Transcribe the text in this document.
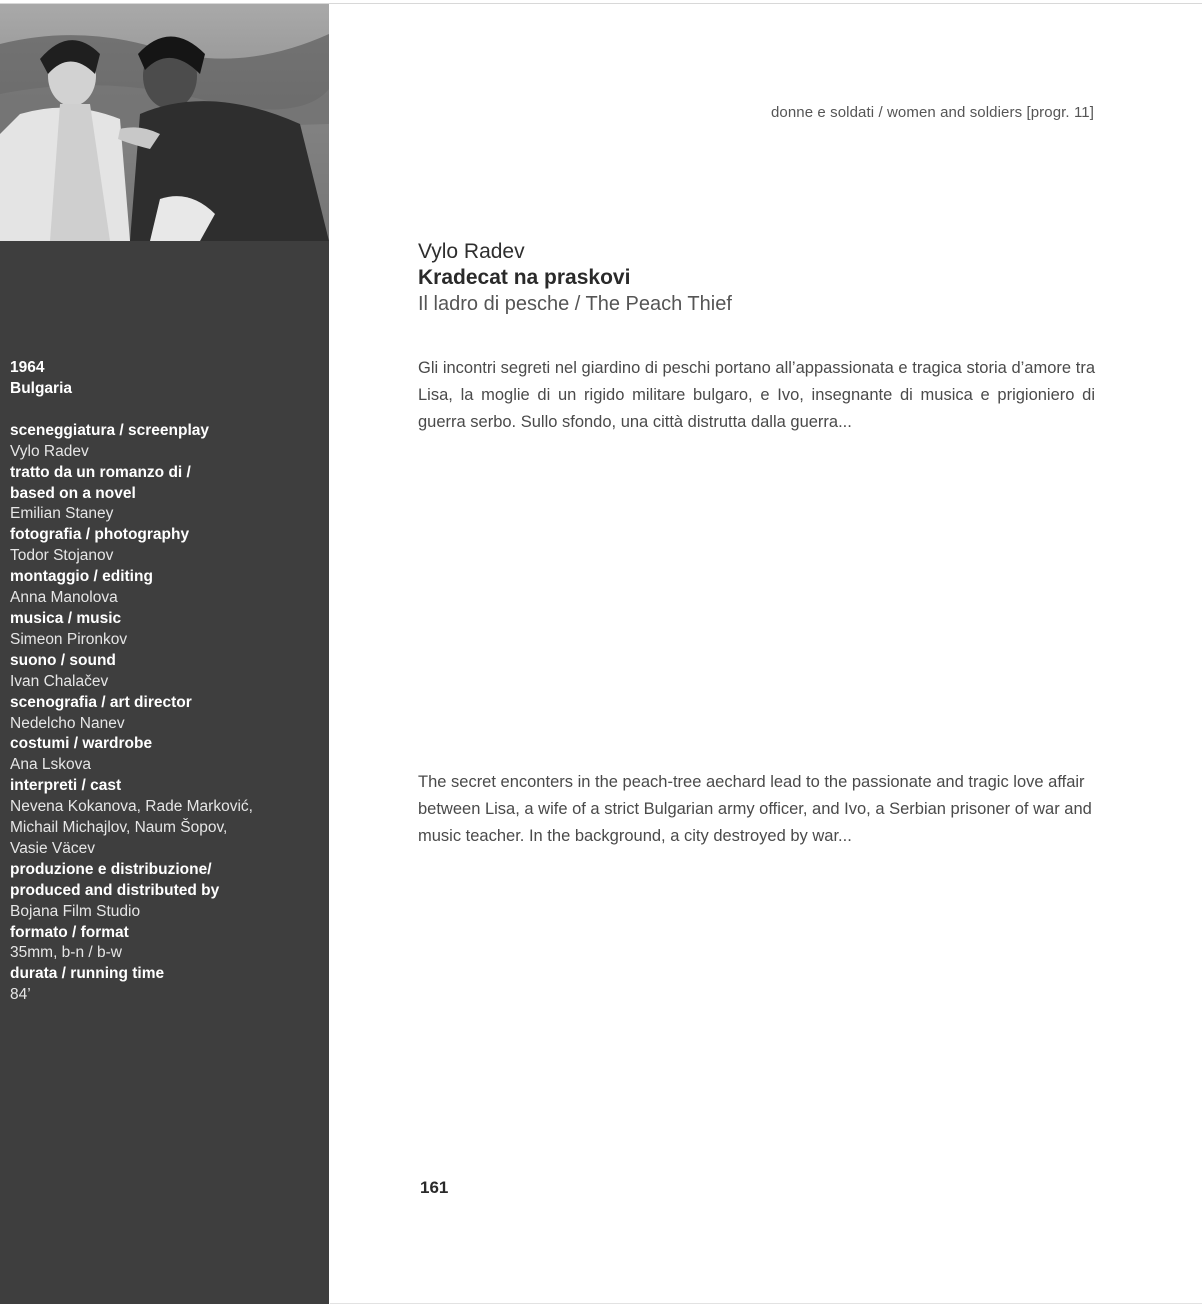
1964
Bulgaria
sceneggiatura / screenplay
Vylo Radev
tratto da un romanzo di /
based on a novel
Emilian Staney
fotografia / photography
Todor Stojanov
montaggio / editing
Anna Manolova
musica / music
Simeon Pironkov
suono / sound
Ivan Chalačev
scenografia / art director
Nedelcho Nanev
costumi / wardrobe
Ana Lskova
interpreti / cast
Nevena Kokanova, Rade Marković,
Michail Michajlov, Naum Šopov,
Vasie Väcev
produzione e distribuzione/
produced and distributed by
Bojana Film Studio
formato / format
35mm, b-n / b-w
durata / running time
84’
donne e soldati / women and soldiers [progr. 11]
Vylo Radev
Kradecat na praskovi
Il ladro di pesche / The Peach Thief
Gli incontri segreti nel giardino di peschi portano all’appassionata e tragica storia d’amore tra Lisa, la moglie di un rigido militare bulgaro, e Ivo, insegnante di musica e prigioniero di guerra serbo. Sullo sfondo, una città distrutta dalla guerra...
The secret enconters in the peach-tree aechard lead to the passionate and tragic love affair between Lisa, a wife of a strict Bulgarian army officer, and Ivo, a Serbian prisoner of war and music teacher. In the background, a city destroyed by war...
161
